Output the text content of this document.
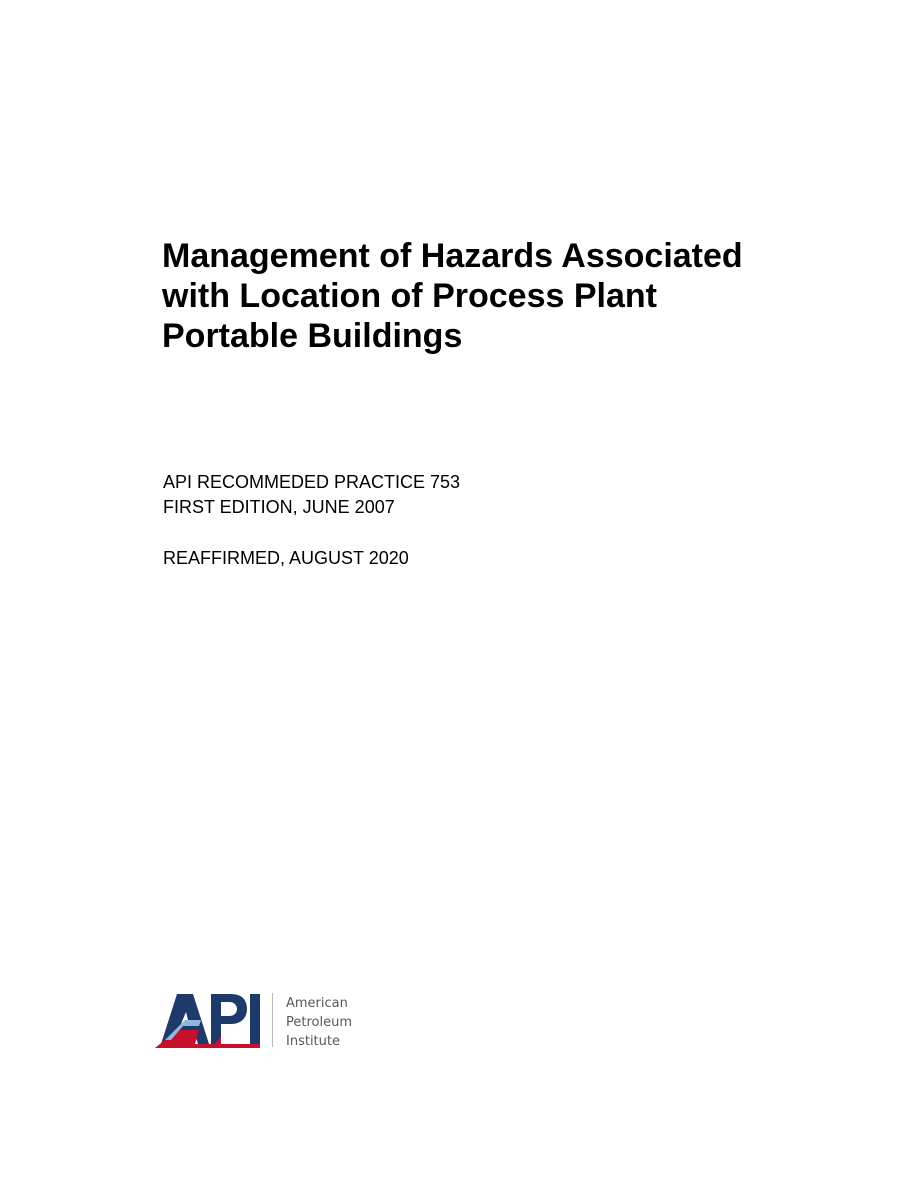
Management of Hazards Associated
with Location of Process Plant
Portable Buildings
API RECOMMEDED PRACTICE 753
FIRST EDITION, JUNE 2007
REAFFIRMED, AUGUST 2020
American
Petroleum
Institute
